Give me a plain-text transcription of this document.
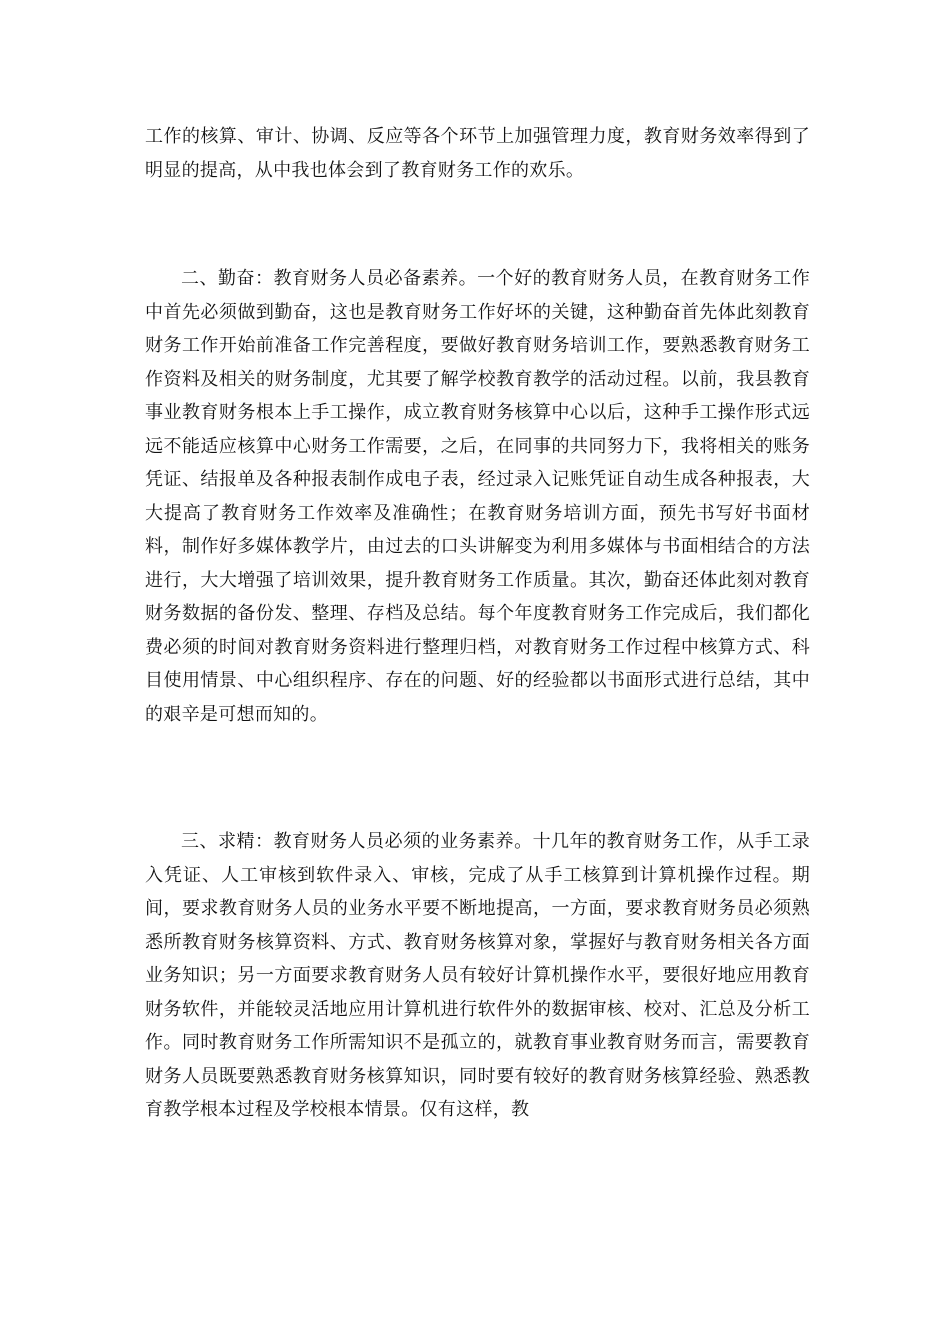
工作的核算、审计、协调、反应等各个环节上加强管理力度，教育财务效率得到了明显的提高，从中我也体会到了教育财务工作的欢乐。

二、勤奋：教育财务人员必备素养。一个好的教育财务人员，在教育财务工作中首先必须做到勤奋，这也是教育财务工作好坏的关键，这种勤奋首先体此刻教育财务工作开始前准备工作完善程度，要做好教育财务培训工作，要熟悉教育财务工作资料及相关的财务制度，尤其要了解学校教育教学的活动过程。以前，我县教育事业教育财务根本上手工操作，成立教育财务核算中心以后，这种手工操作形式远远不能适应核算中心财务工作需要，之后，在同事的共同努力下，我将相关的账务凭证、结报单及各种报表制作成电子表，经过录入记账凭证自动生成各种报表，大大提高了教育财务工作效率及准确性；在教育财务培训方面，预先书写好书面材料，制作好多媒体教学片，由过去的口头讲解变为利用多媒体与书面相结合的方法进行，大大增强了培训效果，提升教育财务工作质量。其次，勤奋还体此刻对教育财务数据的备份发、整理、存档及总结。每个年度教育财务工作完成后，我们都化费必须的时间对教育财务资料进行整理归档，对教育财务工作过程中核算方式、科目使用情景、中心组织程序、存在的问题、好的经验都以书面形式进行总结，其中的艰辛是可想而知的。

三、求精：教育财务人员必须的业务素养。十几年的教育财务工作，从手工录入凭证、人工审核到软件录入、审核，完成了从手工核算到计算机操作过程。期间，要求教育财务人员的业务水平要不断地提高，一方面，要求教育财务员必须熟悉所教育财务核算资料、方式、教育财务核算对象，掌握好与教育财务相关各方面业务知识；另一方面要求教育财务人员有较好计算机操作水平，要很好地应用教育财务软件，并能较灵活地应用计算机进行软件外的数据审核、校对、汇总及分析工作。同时教育财务工作所需知识不是孤立的，就教育事业教育财务而言，需要教育财务人员既要熟悉教育财务核算知识，同时要有较好的教育财务核算经验、熟悉教育教学根本过程及学校根本情景。仅有这样，教
